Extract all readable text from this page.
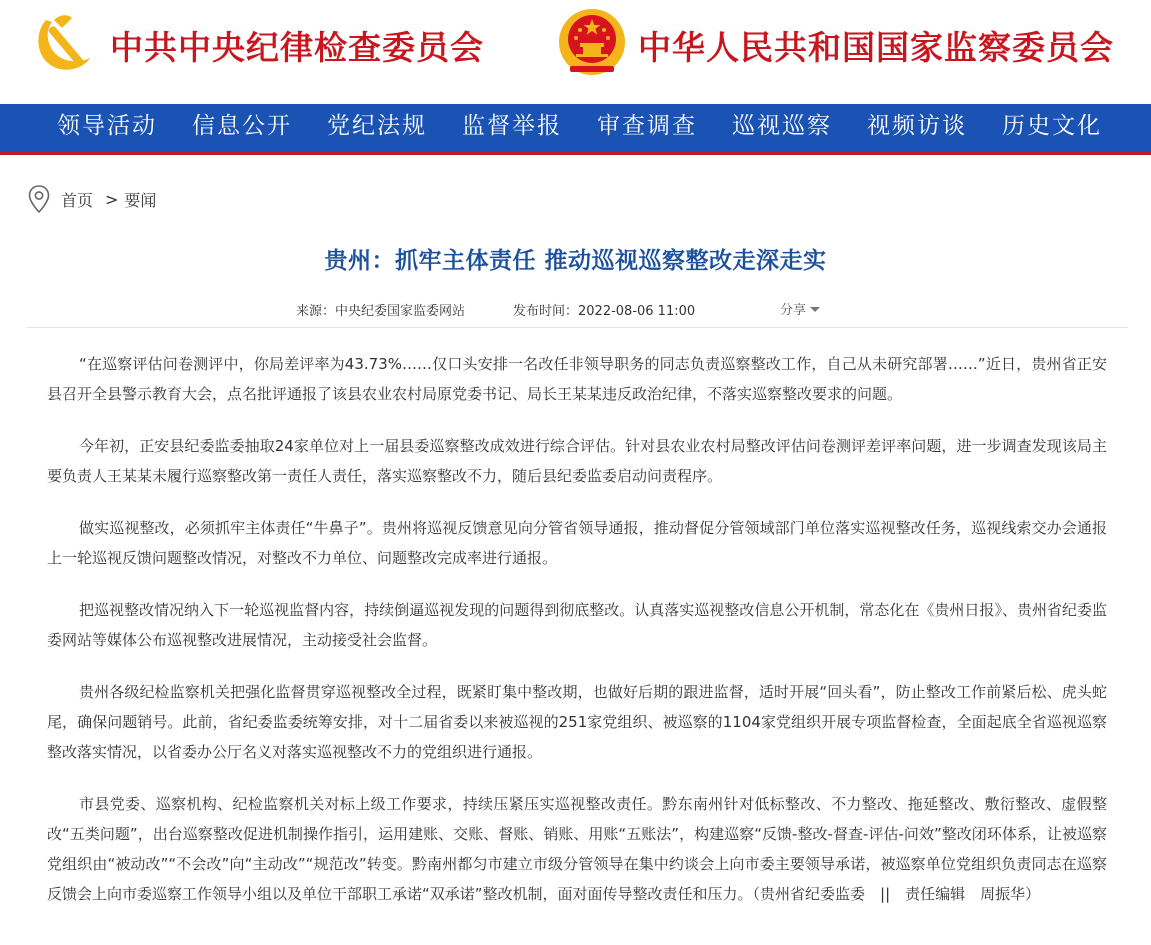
中共中央纪律检查委员会	中华人民共和国国家监察委员会
领导活动 信息公开 党纪法规 监督举报 审查调查 巡视巡察 视频访谈 历史文化
首页 > 要闻
贵州：抓牢主体责任 推动巡视巡察整改走深走实
来源：中央纪委国家监委网站	发布时间：2022-08-06 11:00	分享

“在巡察评估问卷测评中，你局差评率为43.73%……仅口头安排一名改任非领导职务的同志负责巡察整改工作，自己从未研究部署……”近日，贵州省正安县召开全县警示教育大会，点名批评通报了该县农业农村局原党委书记、局长王某某违反政治纪律，不落实巡察整改要求的问题。

今年初，正安县纪委监委抽取24家单位对上一届县委巡察整改成效进行综合评估。针对县农业农村局整改评估问卷测评差评率问题，进一步调查发现该局主要负责人王某某未履行巡察整改第一责任人责任，落实巡察整改不力，随后县纪委监委启动问责程序。

做实巡视整改，必须抓牢主体责任“牛鼻子”。贵州将巡视反馈意见向分管省领导通报，推动督促分管领域部门单位落实巡视整改任务，巡视线索交办会通报上一轮巡视反馈问题整改情况，对整改不力单位、问题整改完成率进行通报。

把巡视整改情况纳入下一轮巡视监督内容，持续倒逼巡视发现的问题得到彻底整改。认真落实巡视整改信息公开机制，常态化在《贵州日报》、贵州省纪委监委网站等媒体公布巡视整改进展情况，主动接受社会监督。

贵州各级纪检监察机关把强化监督贯穿巡视整改全过程，既紧盯集中整改期，也做好后期的跟进监督，适时开展“回头看”，防止整改工作前紧后松、虎头蛇尾，确保问题销号。此前，省纪委监委统筹安排，对十二届省委以来被巡视的251家党组织、被巡察的1104家党组织开展专项监督检查，全面起底全省巡视巡察整改落实情况，以省委办公厅名义对落实巡视整改不力的党组织进行通报。

市县党委、巡察机构、纪检监察机关对标上级工作要求，持续压紧压实巡视整改责任。黔东南州针对低标整改、不力整改、拖延整改、敷衍整改、虚假整改“五类问题”，出台巡察整改促进机制操作指引，运用建账、交账、督账、销账、用账“五账法”，构建巡察“反馈-整改-督查-评估-问效”整改闭环体系，让被巡察党组织由“被动改”“不会改”向“主动改”“规范改”转变。黔南州都匀市建立市级分管领导在集中约谈会上向市委主要领导承诺，被巡察单位党组织负责同志在巡察反馈会上向市委巡察工作领导小组以及单位干部职工承诺“双承诺”整改机制，面对面传导整改责任和压力。（贵州省纪委监委　||　责任编辑　周振华）
